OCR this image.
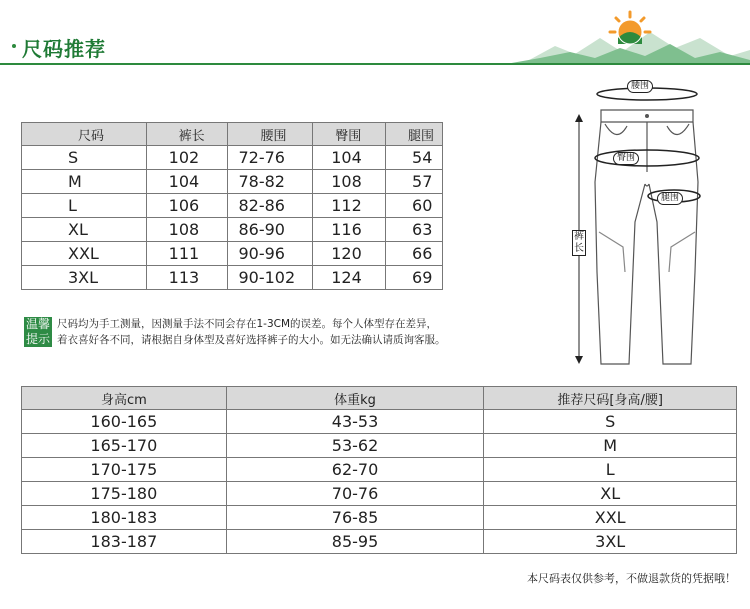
尺码推荐
尺码	裤长	腰围	臀围	腿围
S	102	72-76	104	54
M	104	78-82	108	57
L	106	82-86	112	60
XL	108	86-90	116	63
XXL	111	90-96	120	66
3XL	113	90-102	124	69
温馨
提示
尺码均为手工测量，因测量手法不同会存在1-3CM的误差。每个人体型存在差异，
着衣喜好各不同，请根据自身体型及喜好选择裤子的大小。如无法确认请质询客服。
腰围
臀围
腿围
裤
长
身高cm	体重kg	推荐尺码[身高/腰]
160-165	43-53	S
165-170	53-62	M
170-175	62-70	L
175-180	70-76	XL
180-183	76-85	XXL
183-187	85-95	3XL
本尺码表仅供参考，不做退款货的凭据哦！
